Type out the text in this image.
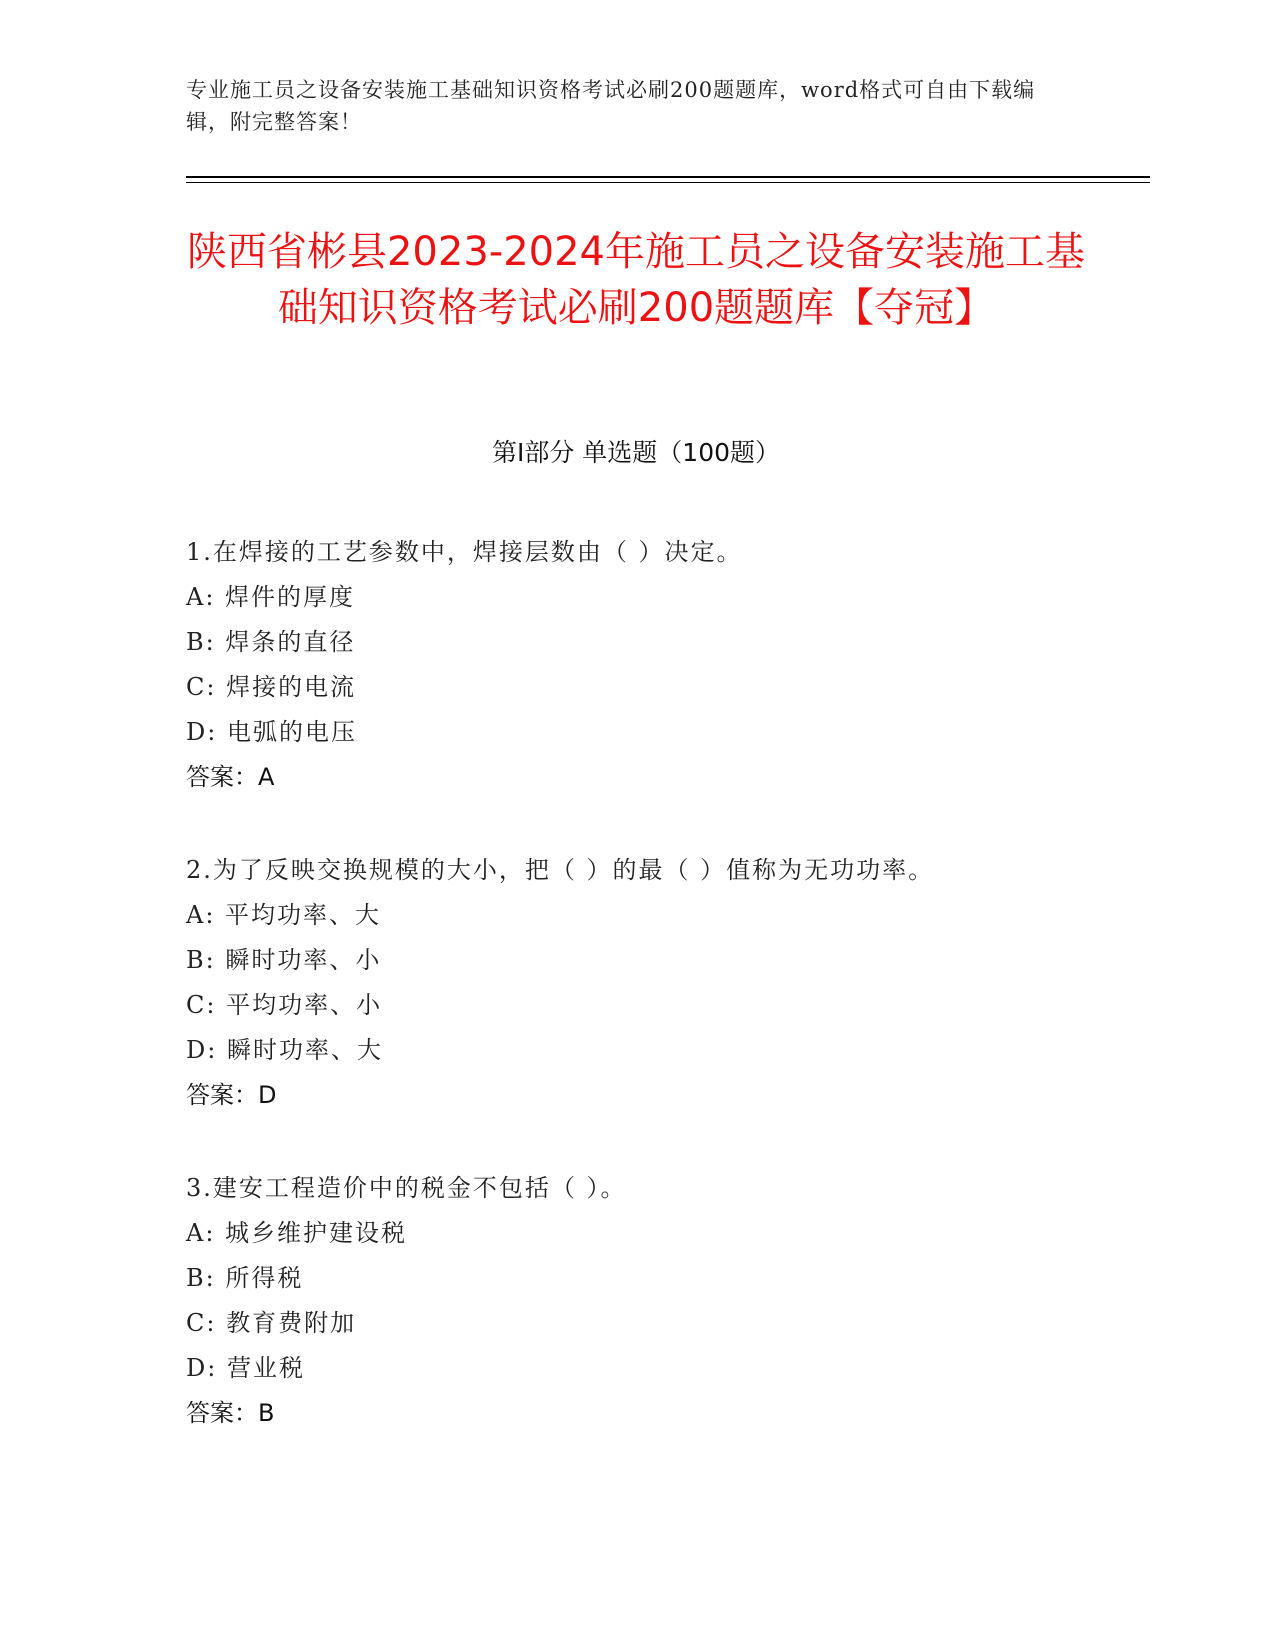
专业施工员之设备安装施工基础知识资格考试必刷200题题库，word格式可自由下载编辑，附完整答案！
陕西省彬县2023-2024年施工员之设备安装施工基础知识资格考试必刷200题题库【夺冠】
第I部分 单选题（100题）
1.在焊接的工艺参数中，焊接层数由（ ）决定。
A: 焊件的厚度
B: 焊条的直径
C: 焊接的电流
D: 电弧的电压
答案：A
2.为了反映交换规模的大小，把（ ）的最（ ）值称为无功功率。
A: 平均功率、大
B: 瞬时功率、小
C: 平均功率、小
D: 瞬时功率、大
答案：D
3.建安工程造价中的税金不包括（ ）。
A: 城乡维护建设税
B: 所得税
C: 教育费附加
D: 营业税
答案：B
